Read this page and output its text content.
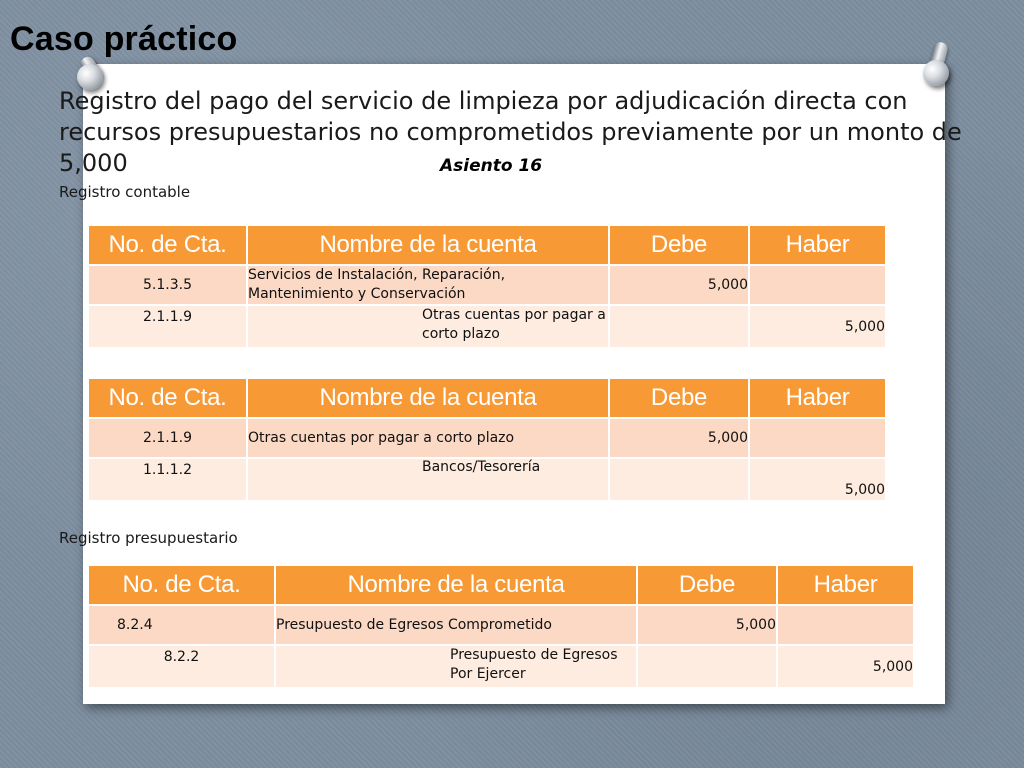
Caso práctico

Registro del pago del servicio de limpieza por adjudicación directa con recursos presupuestarios no comprometidos previamente por un monto de 5,000	Asiento 16
Registro contable
No. de Cta.	Nombre de la cuenta	Debe	Haber
5.1.3.5	Servicios de Instalación, Reparación, Mantenimiento y Conservación	5,000	
2.1.1.9	Otras cuentas por pagar a corto plazo		5,000
No. de Cta.	Nombre de la cuenta	Debe	Haber
2.1.1.9	Otras cuentas por pagar a corto plazo	5,000	
1.1.1.2	Bancos/Tesorería		5,000
Registro presupuestario
No. de Cta.	Nombre de la cuenta	Debe	Haber
8.2.4	Presupuesto de Egresos Comprometido	5,000	
8.2.2	Presupuesto de Egresos Por Ejercer		5,000
